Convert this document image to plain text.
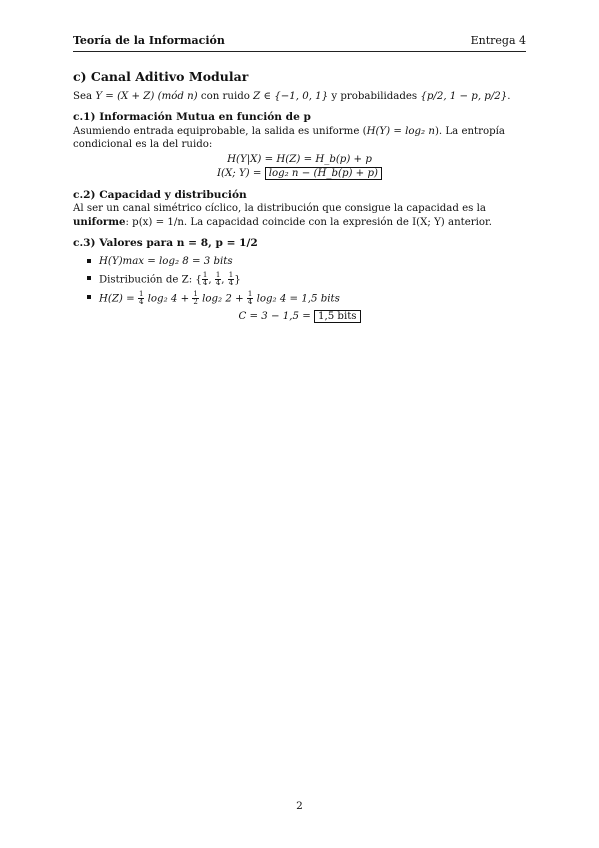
Teoría de la Información	Entrega 4
c) Canal Aditivo Modular

Sea Y = (X + Z) (mód n) con ruido Z ∈ {−1, 0, 1} y probabilidades {p/2, 1 − p, p/2}.

c.1) Información Mutua en función de p

Asumiendo entrada equiprobable, la salida es uniforme (H(Y) = log₂ n). La entropía condicional es la del ruido:

H(Y|X) = H(Z) = H_b(p) + p
I(X; Y) = log₂ n − (H_b(p) + p)
c.2) Capacidad y distribución

Al ser un canal simétrico cíclico, la distribución que consigue la capacidad es la uniforme: p(x) = 1/n. La capacidad coincide con la expresión de I(X; Y) anterior.

c.3) Valores para n = 8, p = 1/2
H(Y)max = log₂ 8 = 3 bits
Distribución de Z: { $\frac{1}{4}$ , $\frac{1}{4}$ , $\frac{1}{4}$ }
$H(Z) = \frac{1}{4} \log_2$ $4 + \frac{1}{2} \log_2$ $2 + \frac{1}{4} \log_2$ 4 = 1,5 bits
C = 3 − 1,5 = 1,5 bits
2
